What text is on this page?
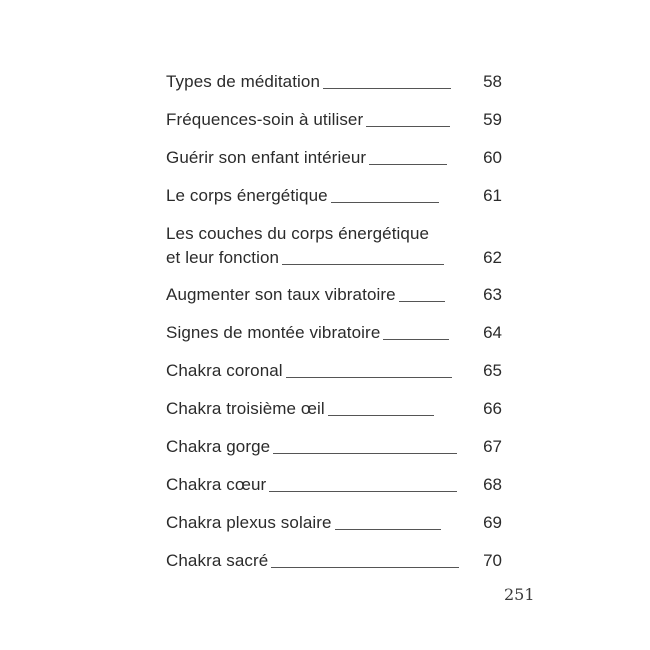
Types de méditation	58
Fréquences-soin à utiliser	59
Guérir son enfant intérieur	60
Le corps énergétique	61
Les couches du corps énergétique
et leur fonction	62
Augmenter son taux vibratoire	63
Signes de montée vibratoire	64
Chakra coronal	65
Chakra troisième œil	66
Chakra gorge	67
Chakra cœur	68
Chakra plexus solaire	69
Chakra sacré	70
251
